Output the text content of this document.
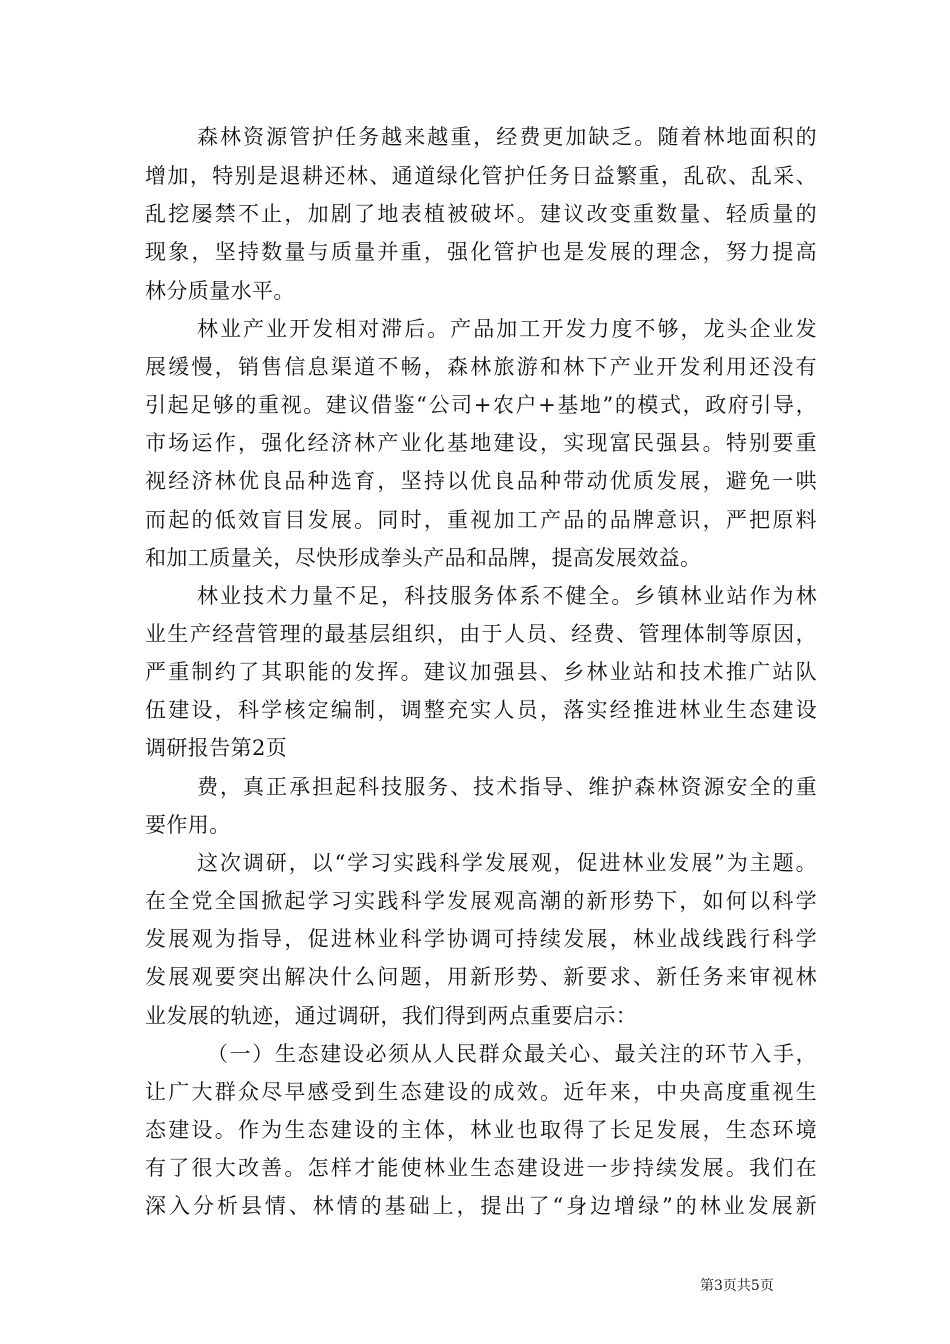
森林资源管护任务越来越重，经费更加缺乏。随着林地面积的
增加，特别是退耕还林、通道绿化管护任务日益繁重，乱砍、乱采、
乱挖屡禁不止，加剧了地表植被破坏。建议改变重数量、轻质量的
现象，坚持数量与质量并重，强化管护也是发展的理念，努力提高
林分质量水平。
林业产业开发相对滞后。产品加工开发力度不够，龙头企业发
展缓慢，销售信息渠道不畅，森林旅游和林下产业开发利用还没有
引起足够的重视。建议借鉴“公司+农户+基地”的模式，政府引导，
市场运作，强化经济林产业化基地建设，实现富民强县。特别要重
视经济林优良品种选育，坚持以优良品种带动优质发展，避免一哄
而起的低效盲目发展。同时，重视加工产品的品牌意识，严把原料
和加工质量关，尽快形成拳头产品和品牌，提高发展效益。
林业技术力量不足，科技服务体系不健全。乡镇林业站作为林
业生产经营管理的最基层组织，由于人员、经费、管理体制等原因，
严重制约了其职能的发挥。建议加强县、乡林业站和技术推广站队
伍建设，科学核定编制，调整充实人员，落实经推进林业生态建设
调研报告第2页
费，真正承担起科技服务、技术指导、维护森林资源安全的重
要作用。
这次调研，以“学习实践科学发展观，促进林业发展”为主题。
在全党全国掀起学习实践科学发展观高潮的新形势下，如何以科学
发展观为指导，促进林业科学协调可持续发展，林业战线践行科学
发展观要突出解决什么问题，用新形势、新要求、新任务来审视林
业发展的轨迹，通过调研，我们得到两点重要启示：
（一）生态建设必须从人民群众最关心、最关注的环节入手，
让广大群众尽早感受到生态建设的成效。近年来，中央高度重视生
态建设。作为生态建设的主体，林业也取得了长足发展，生态环境
有了很大改善。怎样才能使林业生态建设进一步持续发展。我们在
深入分析县情、林情的基础上，提出了“身边增绿”的林业发展新
第3页共5页
